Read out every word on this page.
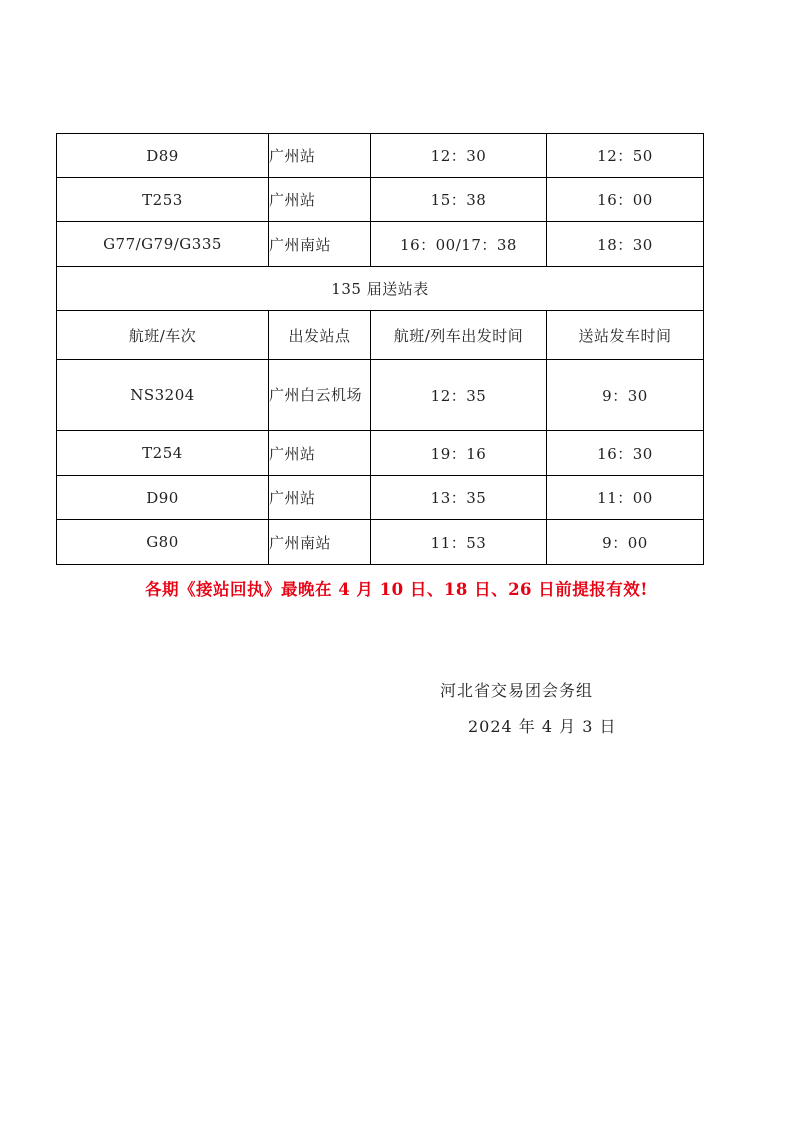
D89	广州站	12：30	12：50
T253	广州站	15：38	16：00
G77/G79/G335	广州南站	16：00/17：38	18：30
135 届送站表			
航班/车次	出发站点	航班/列车出发时间	送站发车时间
NS3204	广州白云机场	12：35	9：30
T254	广州站	19：16	16：30
D90	广州站	13：35	11：00
G80	广州南站	11：53	9：00
各期《接站回执》最晚在 4 月 10 日、18 日、26 日前提报有效!
河北省交易团会务组
2024 年 4 月 3 日
